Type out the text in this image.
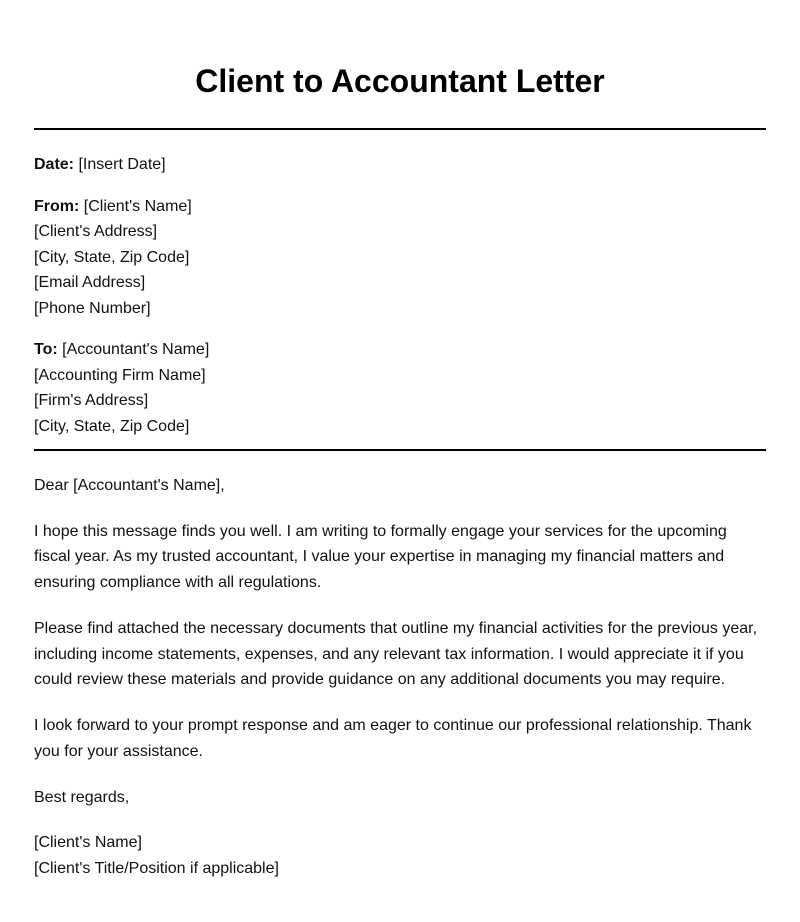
Client to Accountant Letter
Date: [Insert Date]
From: [Client's Name]
[Client's Address]
[City, State, Zip Code]
[Email Address]
[Phone Number]
To: [Accountant's Name]
[Accounting Firm Name]
[Firm's Address]
[City, State, Zip Code]
Dear [Accountant's Name],

I hope this message finds you well. I am writing to formally engage your services for the upcoming fiscal year. As my trusted accountant, I value your expertise in managing my financial matters and ensuring compliance with all regulations.

Please find attached the necessary documents that outline my financial activities for the previous year, including income statements, expenses, and any relevant tax information. I would appreciate it if you could review these materials and provide guidance on any additional documents you may require.

I look forward to your prompt response and am eager to continue our professional relationship. Thank you for your assistance.

Best regards,
[Client's Name]
[Client's Title/Position if applicable]
